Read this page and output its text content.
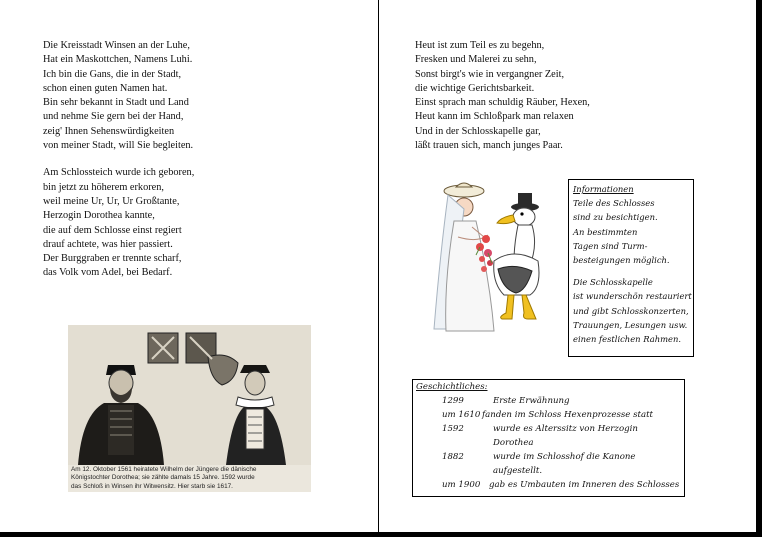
Die Kreisstadt Winsen an der Luhe,
Hat ein Maskottchen, Namens Luhi.
Ich bin die Gans, die in der Stadt,
schon einen guten Namen hat.
Bin sehr bekannt in Stadt und Land
und nehme Sie gern bei der Hand,
zeig' Ihnen Sehenswürdigkeiten
von meiner Stadt, will Sie begleiten.
Am Schlossteich wurde ich geboren,
bin jetzt zu höherem erkoren,
weil meine Ur, Ur, Ur Großtante,
Herzogin Dorothea kannte,
die auf dem Schlosse einst regiert
drauf achtete, was hier passiert.
Der Burggraben er trennte scharf,
das Volk vom Adel, bei Bedarf.
Am 12. Oktober 1561 heiratete Wilhelm der Jüngere die dänische
Königstochter Dorothea; sie zählte damals 15 Jahre. 1592 wurde
das Schloß in Winsen ihr Witwensitz. Hier starb sie 1617.
Heut ist zum Teil es zu begehn,
Fresken und Malerei zu sehn,
Sonst birgt's wie in vergangner Zeit,
die wichtige Gerichtsbarkeit.
Einst sprach man schuldig Räuber, Hexen,
Heut kann im Schloßpark man relaxen
Und in der Schlosskapelle gar,
läßt trauen sich, manch junges Paar.
Informationen
Teile des Schlosses
sind zu besichtigen.
An bestimmten
Tagen sind Turm-
besteigungen möglich.
Die Schlosskapelle
ist wunderschön restauriert
und gibt Schlosskonzerten,
Trauungen, Lesungen usw.
einen festlichen Rahmen.
Geschichtliches:
1299	Erste Erwähnung
um 1610 fanden im Schloss Hexenprozesse statt
1592	wurde es Alterssitz von Herzogin
Dorothea
1882	wurde im Schlosshof die Kanone
aufgestellt.
um 1900 gab es Umbauten im Inneren des Schlosses
